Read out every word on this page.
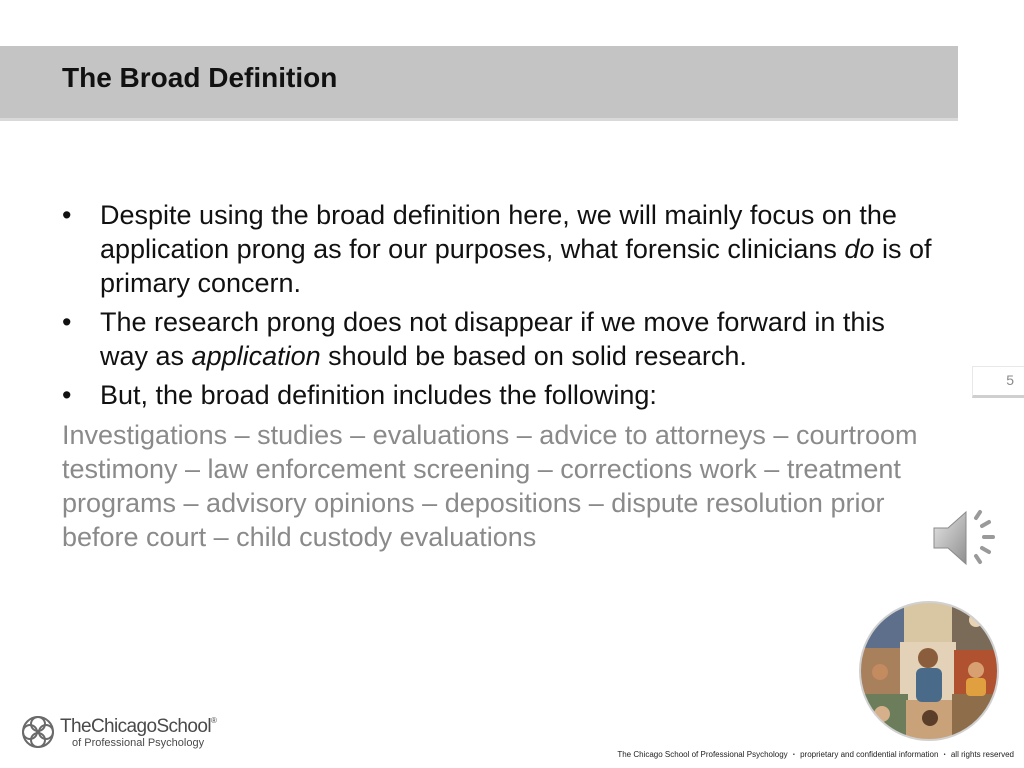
The Broad Definition
5
• Despite using the broad definition here, we will mainly focus on the application prong as for our purposes, what forensic clinicians do is of primary concern.
• The research prong does not disappear if we move forward in this way as application should be based on solid research.
• But, the broad definition includes the following:

Investigations – studies – evaluations – advice to attorneys – courtroom testimony – law enforcement screening – corrections work – treatment programs – advisory opinions – depositions – dispute resolution prior before court – child custody evaluations

TheChicagoSchool®
of Professional Psychology
The Chicago School of Professional Psychology ・ proprietary and confidential information ・ all rights reserved
